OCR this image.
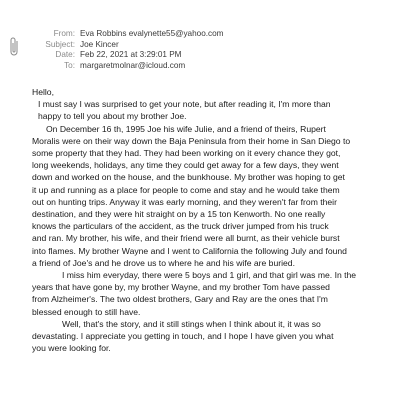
From: Eva Robbins evalynette55@yahoo.com
Subject: Joe Kincer
Date: Feb 22, 2021 at 3:29:01 PM
To: margaretmolnar@icloud.com

Hello,

I must say I was surprised to get your note, but after reading it, I'm more than

happy to tell you about my brother Joe.

On December 16 th, 1995 Joe his wife Julie, and a friend of theirs, Rupert

Moralis were on their way down the Baja Peninsula from their home in San Diego to

some property that they had. They had been working on it every chance they got,

long weekends, holidays, any time they could get away for a few days, they went

down and worked on the house, and the bunkhouse. My brother was hoping to get

it up and running as a place for people to come and stay and he would take them

out on hunting trips. Anyway it was early morning, and they weren't far from their

destination, and they were hit straight on by a 15 ton Kenworth. No one really

knows the particulars of the accident, as the truck driver jumped from his truck

and ran. My brother, his wife, and their friend were all burnt, as their vehicle burst

into flames. My brother Wayne and I went to California the following July and found

a friend of Joe's and he drove us to where he and his wife are buried.

I miss him everyday, there were 5 boys and 1 girl, and that girl was me. In the

years that have gone by, my brother Wayne, and my brother Tom have passed

from Alzheimer's. The two oldest brothers, Gary and Ray are the ones that I'm

blessed enough to still have.

Well, that's the story, and it still stings when I think about it, it was so

devastating. I appreciate you getting in touch, and I hope I have given you what

you were looking for.
